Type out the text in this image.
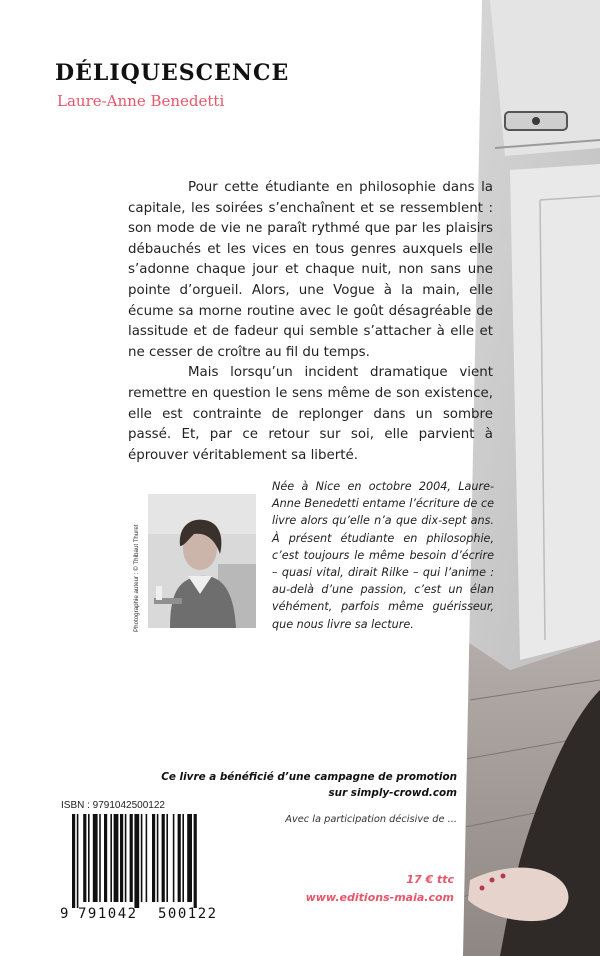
DÉLIQUESCENCE
Laure-Anne Benedetti

Pour cette étudiante en philosophie dans la capitale, les soirées s’enchaînent et se ressemblent : son mode de vie ne paraît rythmé que par les plaisirs débauchés et les vices en tous genres auxquels elle s’adonne chaque jour et chaque nuit, non sans une pointe d’orgueil. Alors, une Vogue à la main, elle écume sa morne routine avec le goût désagréable de lassitude et de fadeur qui semble s’attacher à elle et ne cesser de croître au fil du temps.

Mais lorsqu’un incident dramatique vient remettre en question le sens même de son existence, elle est contrainte de replonger dans un sombre passé. Et, par ce retour sur soi, elle parvient à éprouver véritablement sa liberté.

Photographie auteur : © Thibaut Thuret
Née à Nice en octobre 2004, Laure-Anne Benedetti entame l’écriture de ce livre alors qu’elle n’a que dix-sept ans. À présent étudiante en philosophie, c’est toujours le même besoin d’écrire – quasi vital, dirait Rilke – qui l’anime : au-delà d’une passion, c’est un élan véhément, parfois même guérisseur, que nous livre sa lecture.
Ce livre a bénéficié d’une campagne de promotion
sur simply-crowd.com
Avec la participation décisive de ...
ISBN : 9791042500122
9 791042 500122
17 € ttc
www.editions-maia.com
